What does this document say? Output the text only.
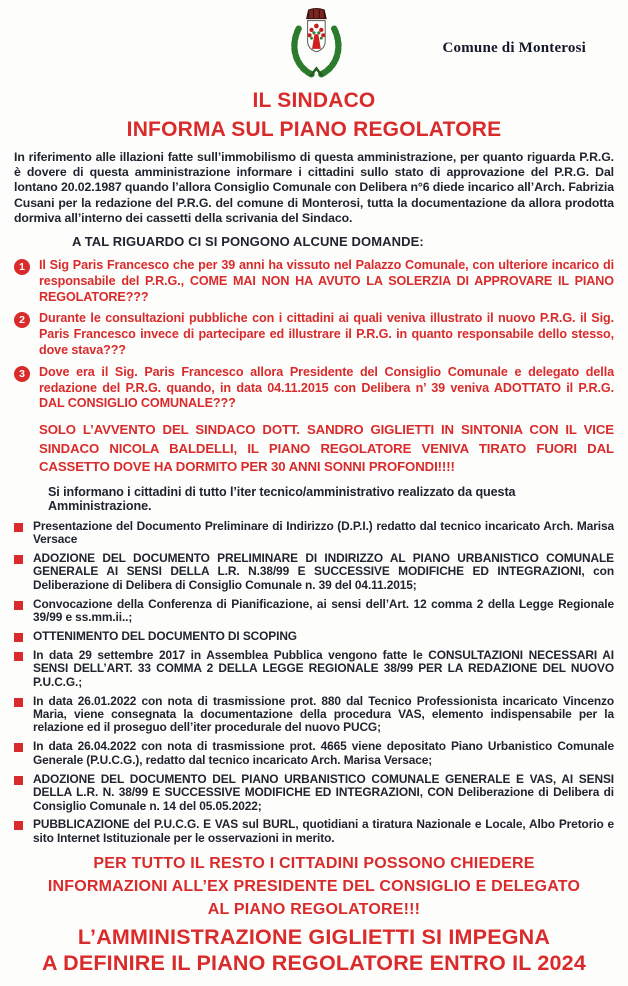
Comune di Monterosi
IL SINDACO
INFORMA SUL PIANO REGOLATORE

In riferimento alle illazioni fatte sull’immobilismo di questa amministrazione, per quanto riguarda P.R.G. è dovere di questa amministrazione informare i cittadini sullo stato di approvazione del P.R.G. Dal lontano 20.02.1987 quando l’allora Consiglio Comunale con Delibera n°6 diede incarico all’Arch. Fabrizia Cusani per la redazione del P.R.G. del comune di Monterosi, tutta la documentazione da allora prodotta dormiva all’interno dei cassetti della scrivania del Sindaco.

A TAL RIGUARDO CI SI PONGONO ALCUNE DOMANDE:
1	Il Sig Paris Francesco che per 39 anni ha vissuto nel Palazzo Comunale, con ulteriore incarico di responsabile del P.R.G., COME MAI NON HA AVUTO LA SOLERZIA DI APPROVARE IL PIANO REGOLATORE???
2	Durante le consultazioni pubbliche con i cittadini ai quali veniva illustrato il nuovo P.R.G. il Sig. Paris Francesco invece di partecipare ed illustrare il P.R.G. in quanto responsabile dello stesso, dove stava???
3	Dove era il Sig. Paris Francesco allora Presidente del Consiglio Comunale e delegato della redazione del P.R.G. quando, in data 04.11.2015 con Delibera n’ 39 veniva ADOTTATO il P.R.G. DAL CONSIGLIO COMUNALE???

SOLO L’AVVENTO DEL SINDACO DOTT. SANDRO GIGLIETTI IN SINTONIA CON IL VICE SINDACO NICOLA BALDELLI, IL PIANO REGOLATORE VENIVA TIRATO FUORI DAL CASSETTO DOVE HA DORMITO PER 30 ANNI SONNI PROFONDI!!!!

Si informano i cittadini di tutto l’iter tecnico/amministrativo realizzato da questa Amministrazione.

Presentazione del Documento Preliminare di Indirizzo (D.P.I.) redatto dal tecnico incaricato Arch. Marisa Versace
ADOZIONE DEL DOCUMENTO PRELIMINARE DI INDIRIZZO AL PIANO URBANISTICO COMUNALE GENERALE AI SENSI DELLA L.R. N.38/99 E SUCCESSIVE MODIFICHE ED INTEGRAZIONI, con Deliberazione di Delibera di Consiglio Comunale n. 39 del 04.11.2015;
Convocazione della Conferenza di Pianificazione, ai sensi dell’Art. 12 comma 2 della Legge Regionale 39/99 e ss.mm.ii..;
OTTENIMENTO DEL DOCUMENTO DI SCOPING
In data 29 settembre 2017 in Assemblea Pubblica vengono fatte le CONSULTAZIONI NECESSARI AI SENSI DELL’ART. 33 COMMA 2 DELLA LEGGE REGIONALE 38/99 PER LA REDAZIONE DEL NUOVO P.U.C.G.;
In data 26.01.2022 con nota di trasmissione prot. 880 dal Tecnico Professionista incaricato Vincenzo Maria, viene consegnata la documentazione della procedura VAS, elemento indispensabile per la relazione ed il proseguo dell’iter procedurale del nuovo PUCG;
In data 26.04.2022 con nota di trasmissione prot. 4665 viene depositato Piano Urbanistico Comunale Generale (P.U.C.G.), redatto dal tecnico incaricato Arch. Marisa Versace;
ADOZIONE DEL DOCUMENTO DEL PIANO URBANISTICO COMUNALE GENERALE E VAS, AI SENSI DELLA L.R. N. 38/99 E SUCCESSIVE MODIFICHE ED INTEGRAZIONI, CON Deliberazione di Delibera di Consiglio Comunale n. 14 del 05.05.2022;
PUBBLICAZIONE del P.U.C.G. E VAS sul BURL, quotidiani a tiratura Nazionale e Locale, Albo Pretorio e sito Internet Istituzionale per le osservazioni in merito.
PER TUTTO IL RESTO I CITTADINI POSSONO CHIEDERE
INFORMAZIONI ALL’EX PRESIDENTE DEL CONSIGLIO E DELEGATO
AL PIANO REGOLATORE!!!
L’AMMINISTRAZIONE GIGLIETTI SI IMPEGNA
A DEFINIRE IL PIANO REGOLATORE ENTRO IL 2024
